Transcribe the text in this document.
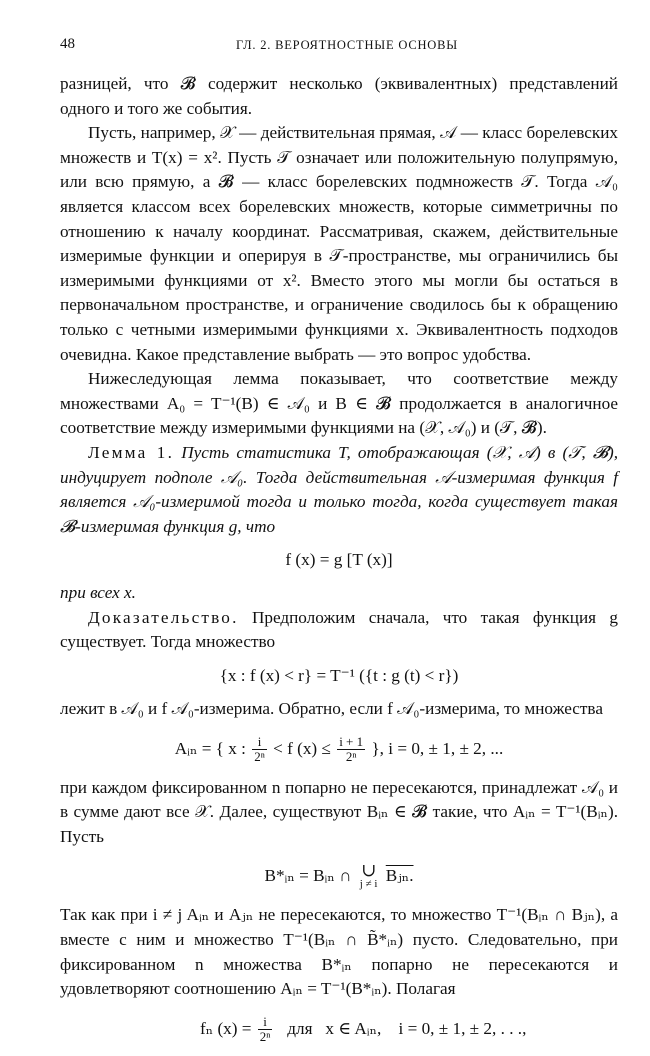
48	ГЛ. 2. ВЕРОЯТНОСТНЫЕ ОСНОВЫ

разницей, что 𝓑 содержит несколько (эквивалентных) представлений одного и того же события.

Пусть, например, 𝒳 — действительная прямая, 𝒜 — класс борелевских множеств и T(x) = x². Пусть 𝒯 означает или положительную полупрямую, или всю прямую, а 𝓑 — класс борелевских подмножеств 𝒯. Тогда 𝒜₀ является классом всех борелевских множеств, которые симметричны по отношению к началу координат. Рассматривая, скажем, действительные измеримые функции и оперируя в 𝒯-пространстве, мы ограничились бы измеримыми функциями от x². Вместо этого мы могли бы остаться в первоначальном пространстве, и ограничение сводилось бы к обращению только с четными измеримыми функциями x. Эквивалентность подходов очевидна. Какое представление выбрать — это вопрос удобства.

Нижеследующая лемма показывает, что соответствие между множествами A₀ = T⁻¹(B) ∈ 𝒜₀ и B ∈ 𝓑 продолжается в аналогичное соответствие между измеримыми функциями на (𝒳, 𝒜₀) и (𝒯, 𝓑).

Лемма 1. Пусть статистика T, отображающая (𝒳, 𝒜) в (𝒯, 𝓑), индуцирует подполе 𝒜₀. Тогда действительная 𝒜-измеримая функция f является 𝒜₀-измеримой тогда и только тогда, когда существует такая 𝓑-измеримая функция g, что

f (x) = g [T (x)]

при всех x.

Доказательство. Предположим сначала, что такая функция g существует. Тогда множество

{x : f (x) < r} = T⁻¹ ({t : g (t) < r})

лежит в 𝒜₀ и f 𝒜₀-измерима. Обратно, если f 𝒜₀-измерима, то множества

Aᵢₙ = { x : $\frac{i}{\text{2ⁿ}} < f$ $(x) \le \frac{i + 1}{\text{2ⁿ}}$ }, i = 0, ± 1, ± 2, ...

при каждом фиксированном n попарно не пересекаются, принадлежат 𝒜₀ и в сумме дают все 𝒳. Далее, существуют Bᵢₙ ∈ 𝓑 такие, что Aᵢₙ = T⁻¹(Bᵢₙ). Пусть

B*ᵢₙ = Bᵢₙ ∩ ∪
j ≠ i Bⱼₙ.

Так как при i ≠ j Aᵢₙ и Aⱼₙ не пересекаются, то множество T⁻¹(Bᵢₙ ∩ Bⱼₙ), а вместе с ним и множество T⁻¹(Bᵢₙ ∩ B̃*ᵢₙ) пусто. Следовательно, при фиксированном n множества B*ᵢₙ попарно не пересекаются и удовлетворяют соотношению Aᵢₙ = T⁻¹(B*ᵢₙ). Полагая

fₙ $(x) = \frac{i}{\text{2ⁿ}}$ для   x ∈ Aᵢₙ,    i = 0, ± 1, ± 2, . . .,
